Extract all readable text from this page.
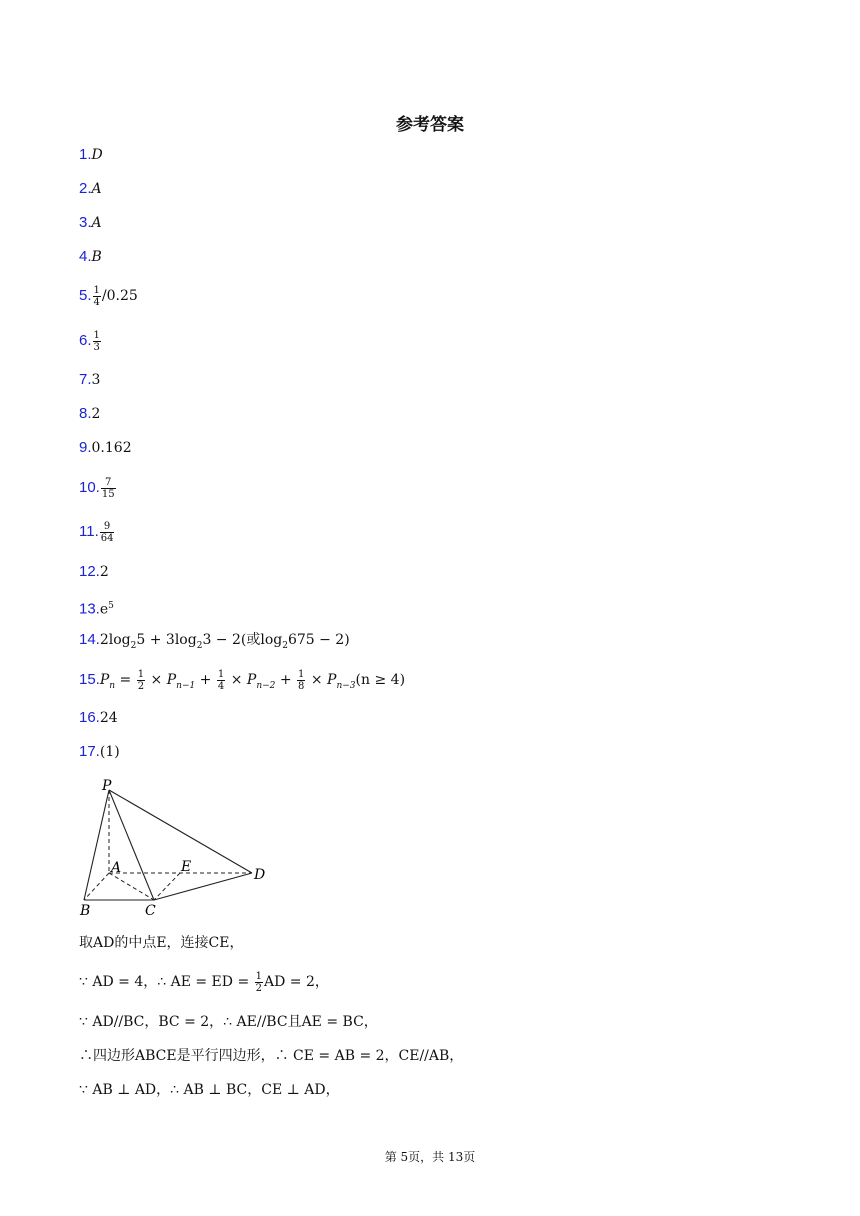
参考答案
1.D
2.A
3.A
4.B
5. $\frac{1}{4} /0.25$
6. $\frac{1}{3}$
7.3
8.2
9.0.162
10. $\frac{7}{15}$
11. $\frac{9}{64}$
12.2
$13.e^5$
$14.2\log_25 + 3\log_23 - 2$(或$\log_2675 - 2$)
$15.P_n = \frac{1}{2} \times P_{n-1} + \frac{1}{4} \times P_{n-2} + \frac{1}{8} \times P_{n-3}(n \ge 4)$
16.24
17.(1)
P
A	E	D
B	C
取AD的中点E，连接CE，
∵ AD = 4，∴ AE = ED = $\frac{1}{2}$ AD = 2，
∵ AD//BC，BC = 2，∴ AE//BC且AE = BC，
∴四边形ABCE是平行四边形，∴ CE = AB = 2，CE//AB，
∵ AB ⊥ AD，∴ AB ⊥ BC，CE ⊥ AD，
第 5页，共 13页
